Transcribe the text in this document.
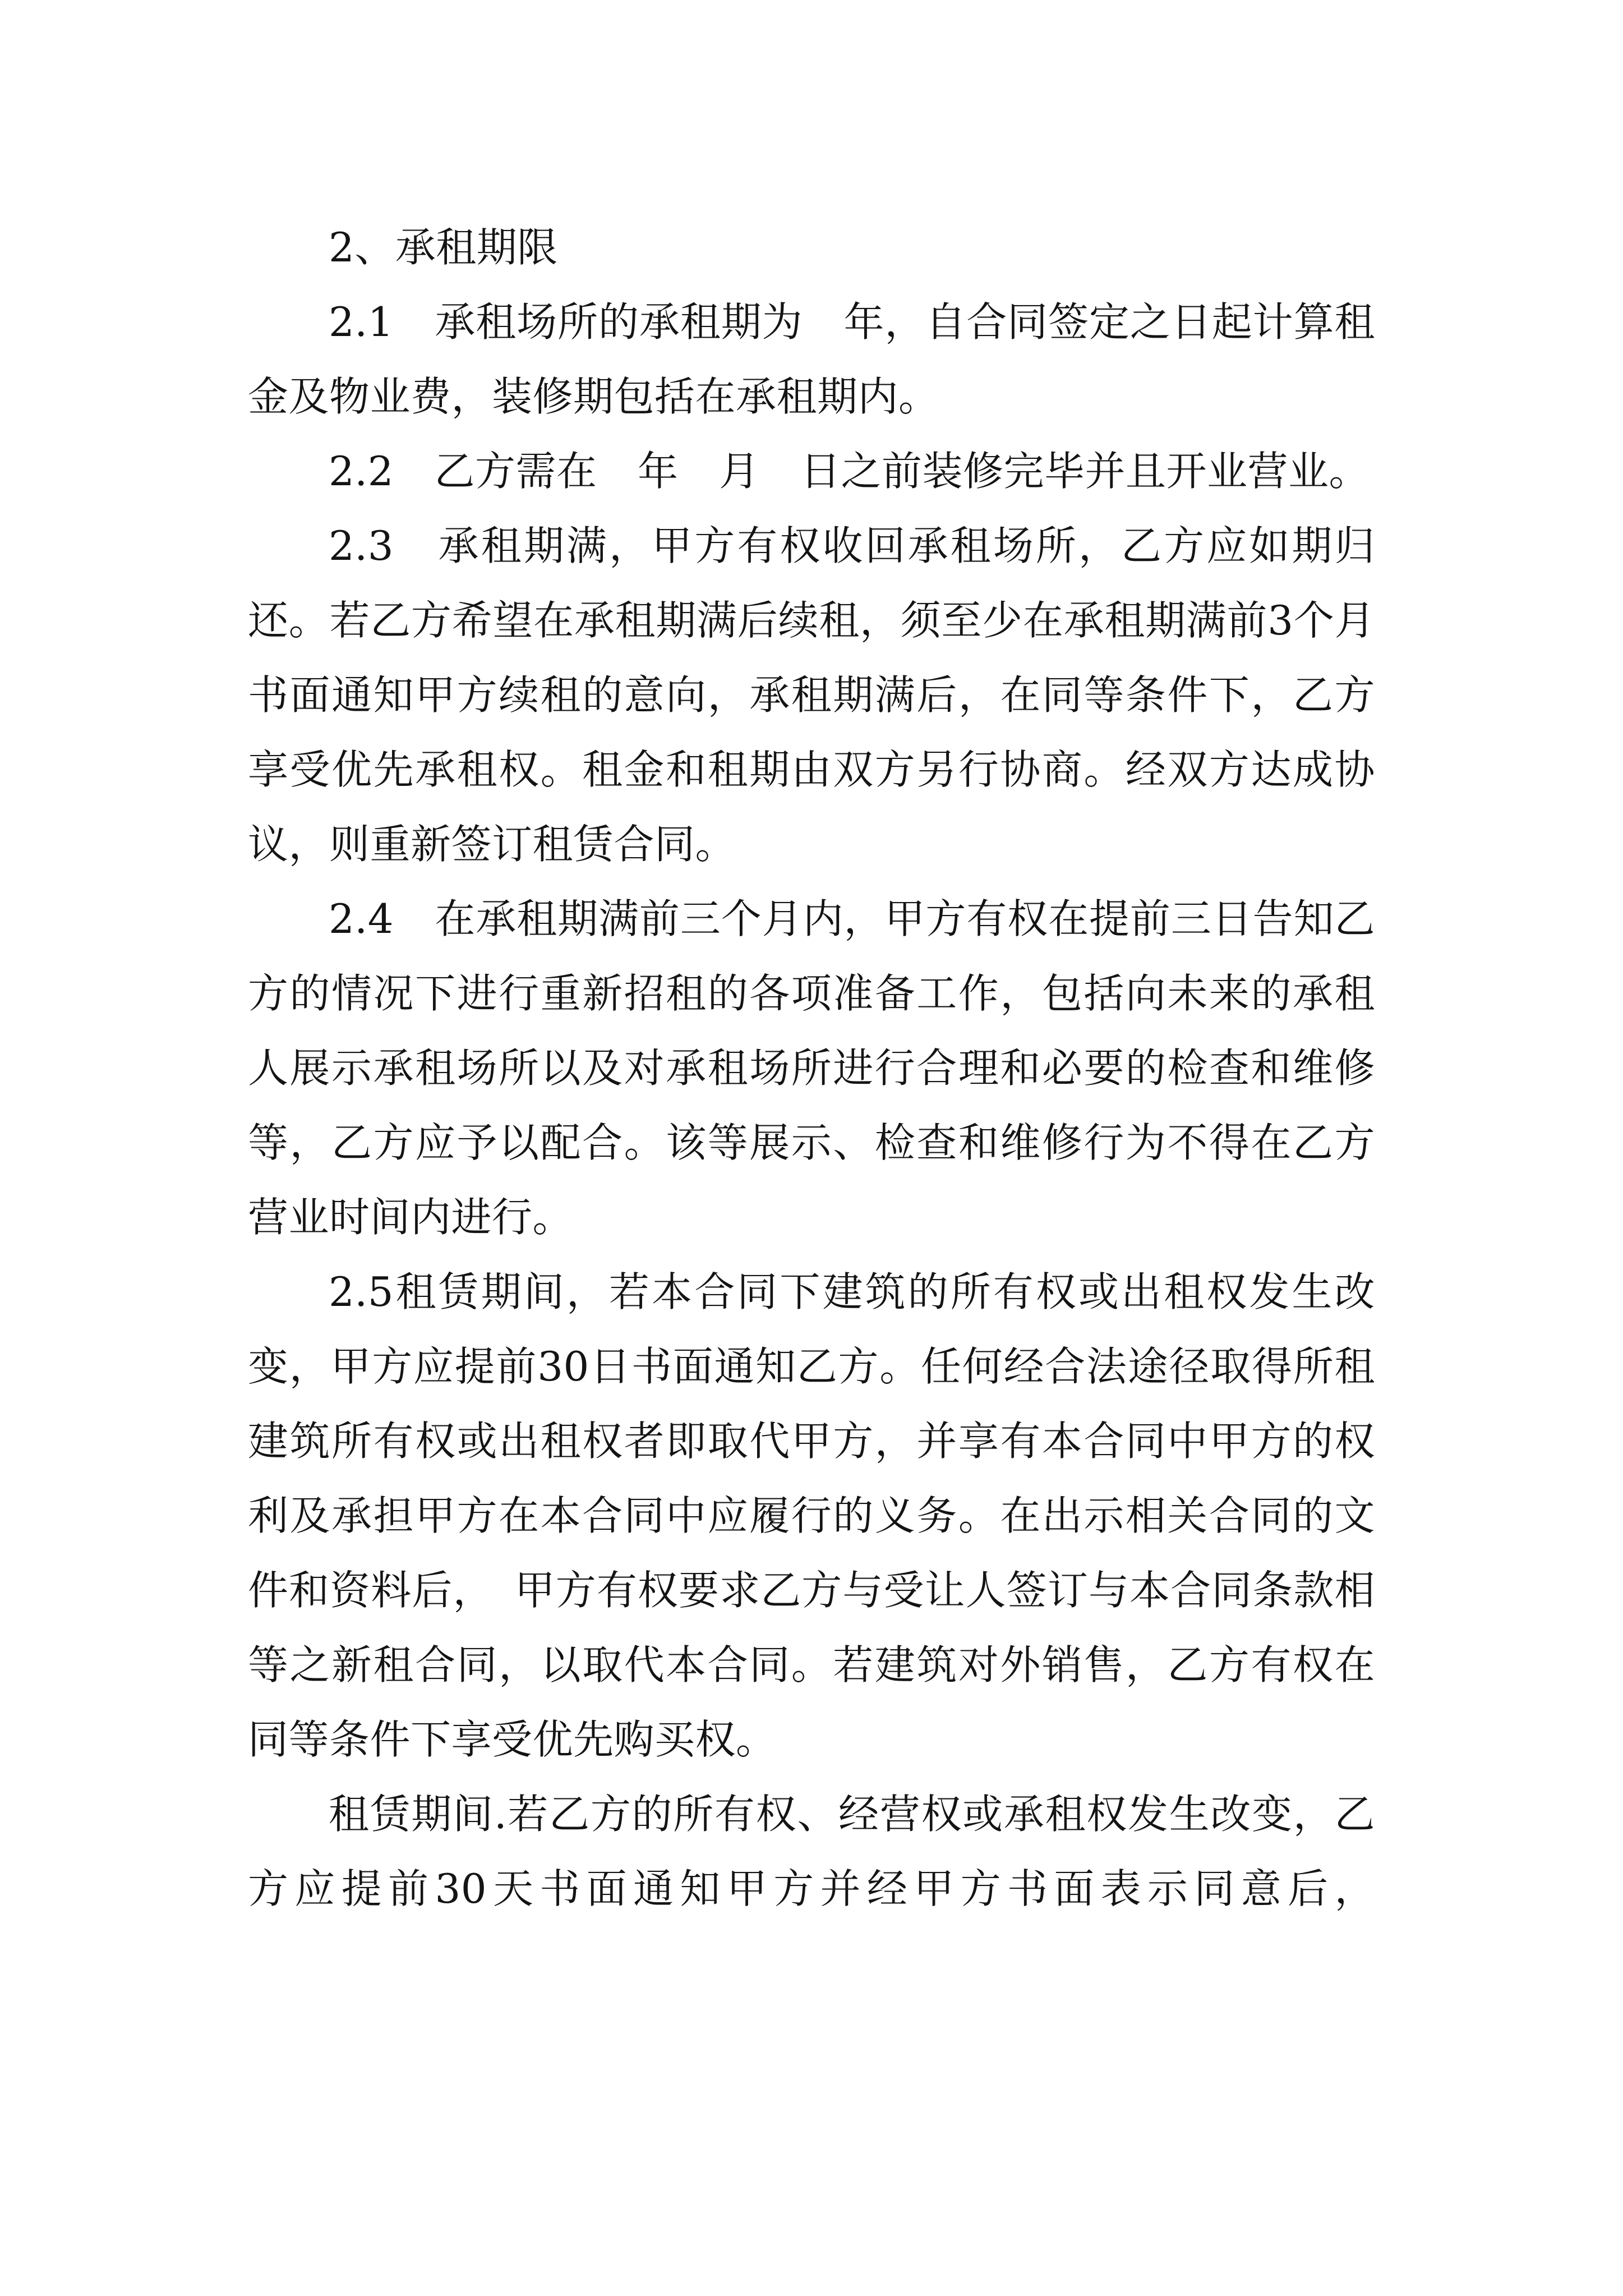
2、承租期限

2.1　承租场所的承租期为　年，自合同签定之日起计算租金及物业费，装修期包括在承租期内。

2.2　乙方需在　年　月　日之前装修完毕并且开业营业。

2.3　承租期满，甲方有权收回承租场所，乙方应如期归还。若乙方希望在承租期满后续租，须至少在承租期满前3个月书面通知甲方续租的意向，承租期满后，在同等条件下，乙方享受优先承租权。租金和租期由双方另行协商。经双方达成协议，则重新签订租赁合同。

2.4　在承租期满前三个月内，甲方有权在提前三日告知乙方的情况下进行重新招租的各项准备工作，包括向未来的承租人展示承租场所以及对承租场所进行合理和必要的检查和维修等，乙方应予以配合。该等展示、检查和维修行为不得在乙方营业时间内进行。

2.5租赁期间，若本合同下建筑的所有权或出租权发生改变，甲方应提前30日书面通知乙方。任何经合法途径取得所租建筑所有权或出租权者即取代甲方，并享有本合同中甲方的权利及承担甲方在本合同中应履行的义务。在出示相关合同的文件和资料后，　甲方有权要求乙方与受让人签订与本合同条款相等之新租合同，以取代本合同。若建筑对外销售，乙方有权在同等条件下享受优先购买权。

租赁期间.若乙方的所有权、经营权或承租权发生改变，乙方应提前30天书面通知甲方并经甲方书面表示同意后，
